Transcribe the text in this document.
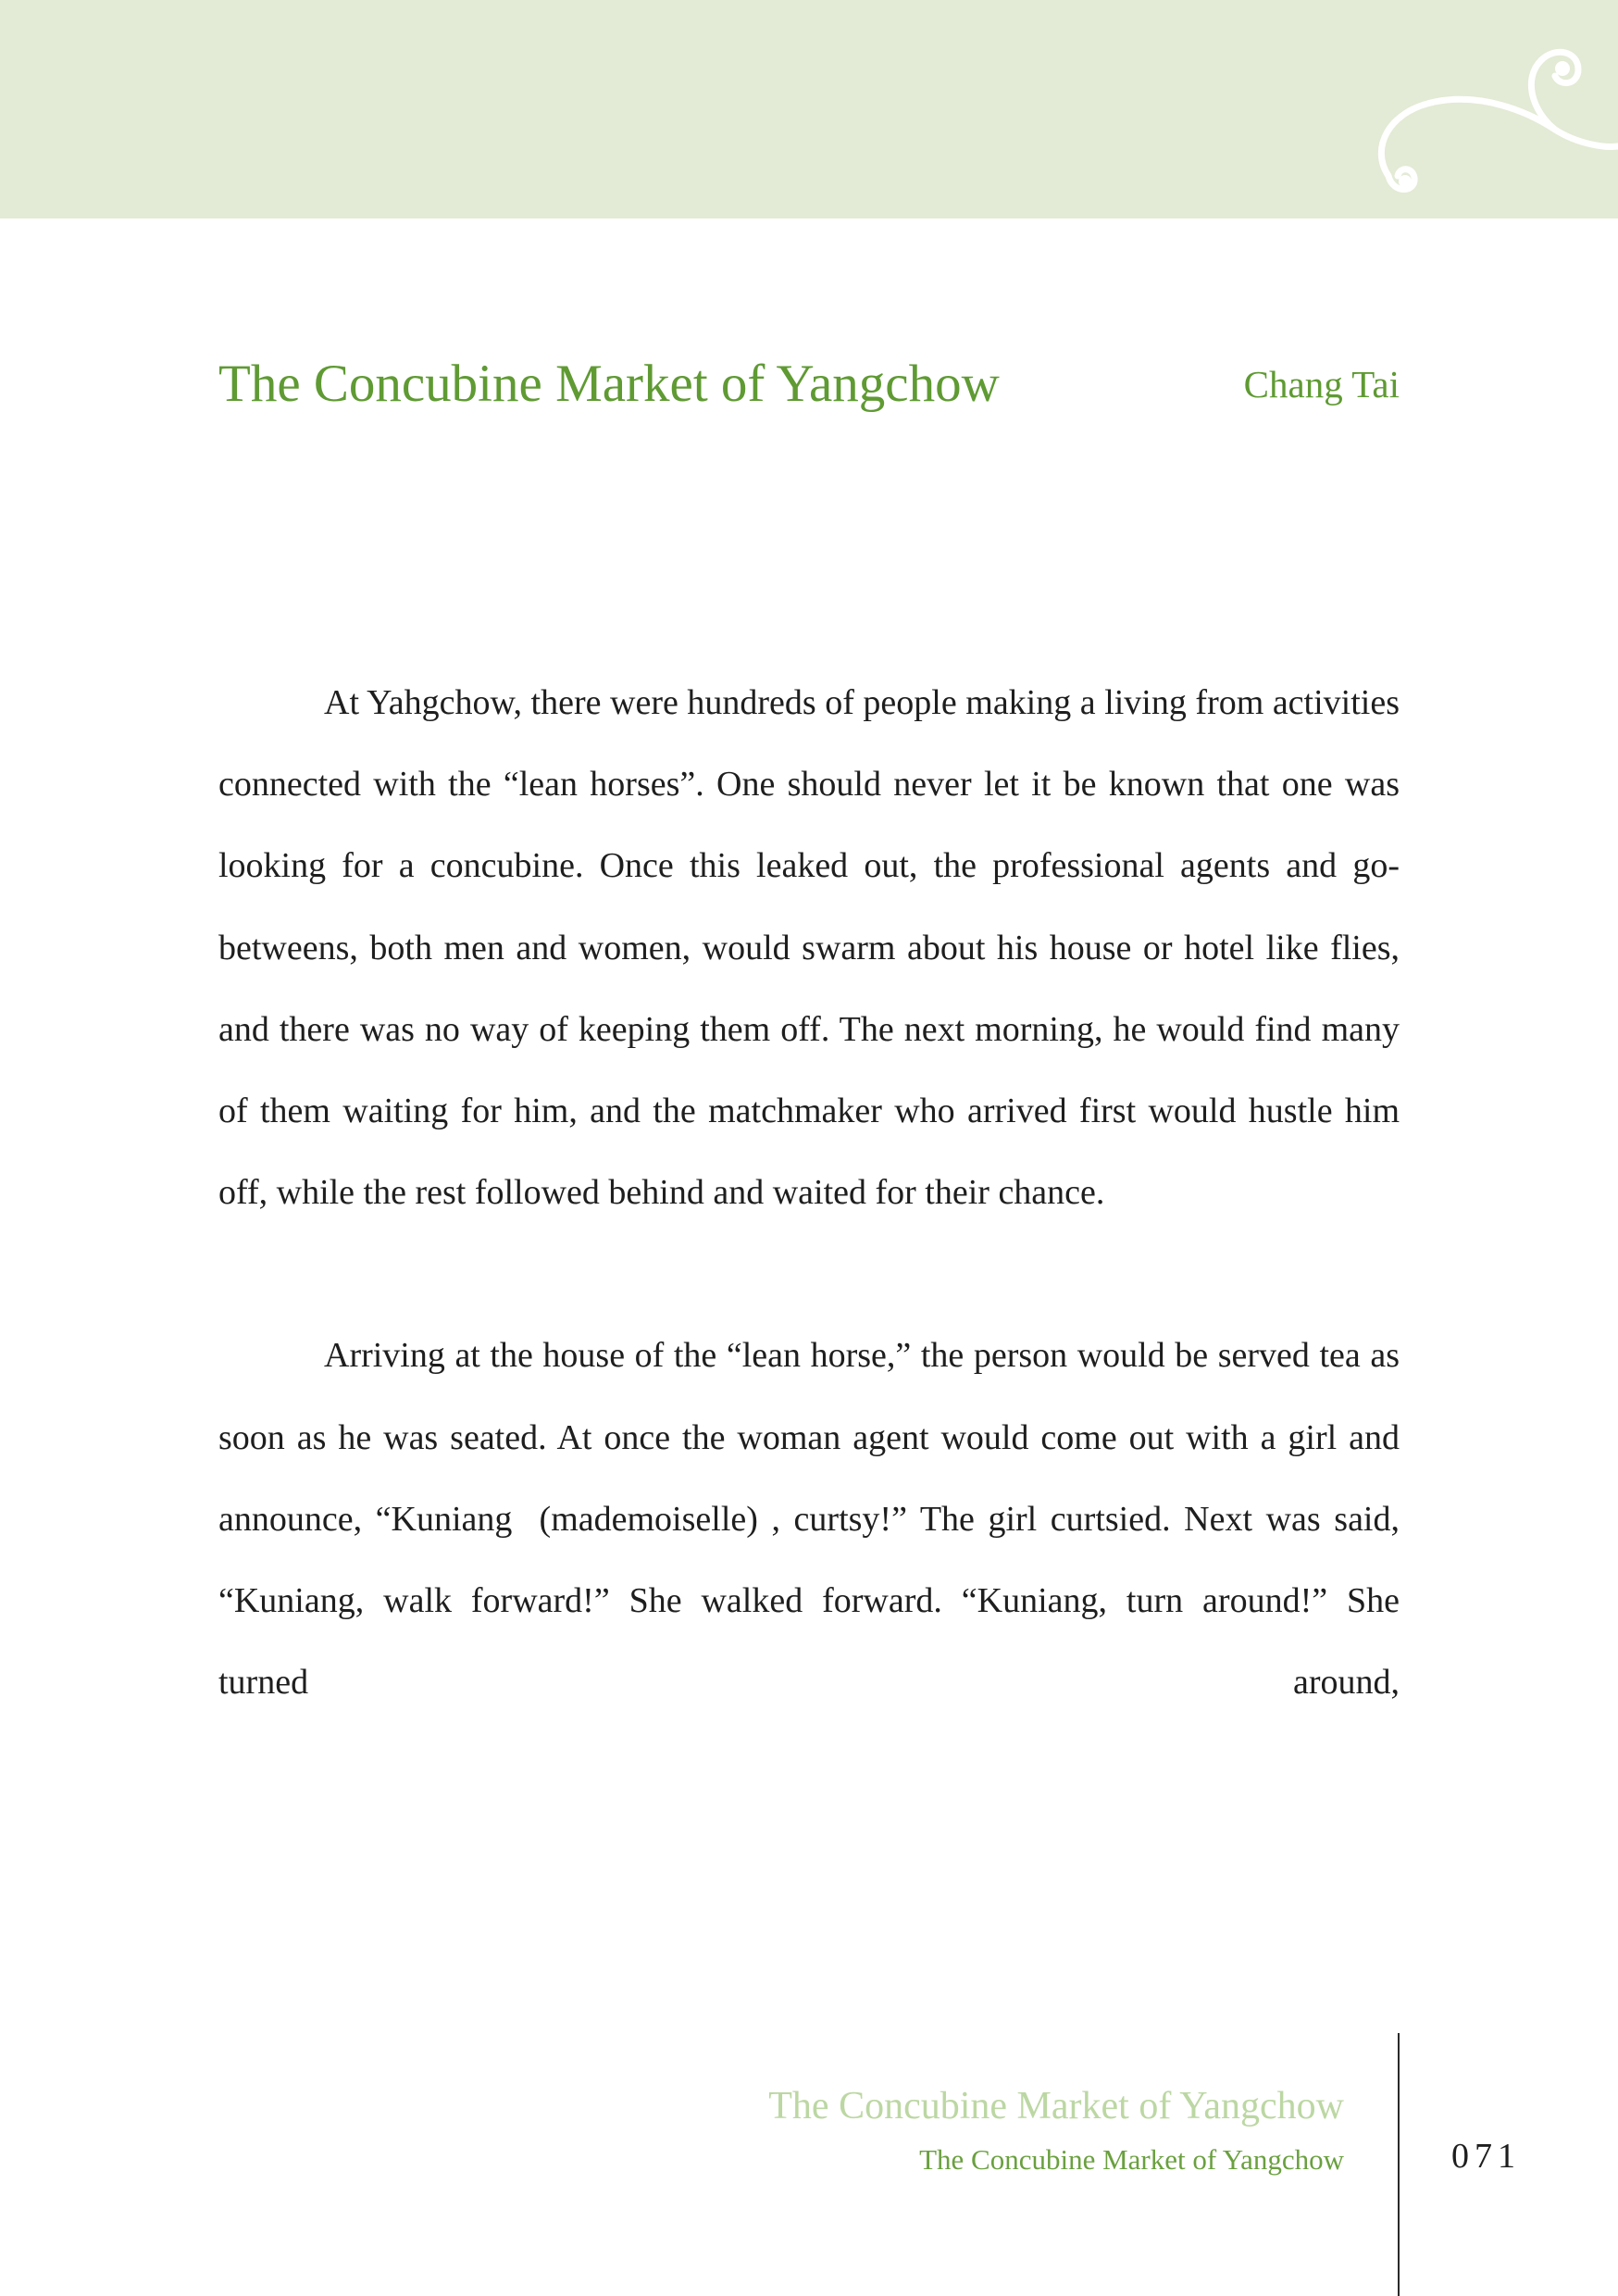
The Concubine Market of Yangchow	Chang Tai

At Yahgchow, there were hundreds of people making a living from activities connected with the “lean horses”. One should never let it be known that one was looking for a concubine. Once this leaked out, the professional agents and go-betweens, both men and women, would swarm about his house or hotel like flies, and there was no way of keeping them off. The next morning, he would find many of them waiting for him, and the matchmaker who arrived first would hustle him off, while the rest followed behind and waited for their chance.

Arriving at the house of the “lean horse,” the person would be served tea as soon as he was seated. At once the woman agent would come out with a girl and announce, “Kuniang  (mademoiselle) , curtsy!” The girl curtsied. Next was said, “Kuniang, walk forward!” She walked forward. “Kuniang, turn around!” She turned around,

The Concubine Market of Yangchow
The Concubine Market of Yangchow	071
